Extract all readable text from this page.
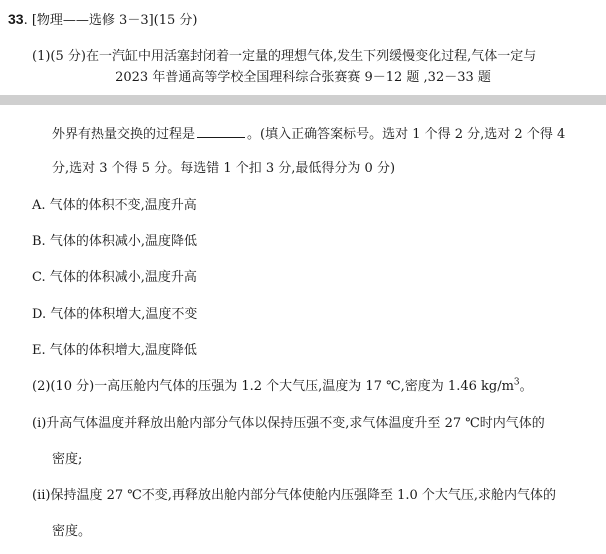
33. [物理——选修 3－3](15 分)
(1)(5 分)在一汽缸中用活塞封闭着一定量的理想气体,发生下列缓慢变化过程,气体一定与
2023 年普通高等学校全国理科综合张赛赛 9－12 题 ,32－33 题
外界有热量交换的过程是	。(填入正确答案标号。选对 1 个得 2 分,选对 2 个得 4
分,选对 3 个得 5 分。每选错 1 个扣 3 分,最低得分为 0 分)
A. 气体的体积不变,温度升高
B. 气体的体积减小,温度降低
C. 气体的体积减小,温度升高
D. 气体的体积增大,温度不变
E. 气体的体积增大,温度降低
(2)(10 分)一高压舱内气体的压强为 1.2 个大气压,温度为 17 ℃,密度为 1.46 $kg/m^3$。
(i)升高气体温度并释放出舱内部分气体以保持压强不变,求气体温度升至 27 ℃时内气体的
密度;
(ii)保持温度 27 ℃不变,再释放出舱内部分气体使舱内压强降至 1.0 个大气压,求舱内气体的
密度。
